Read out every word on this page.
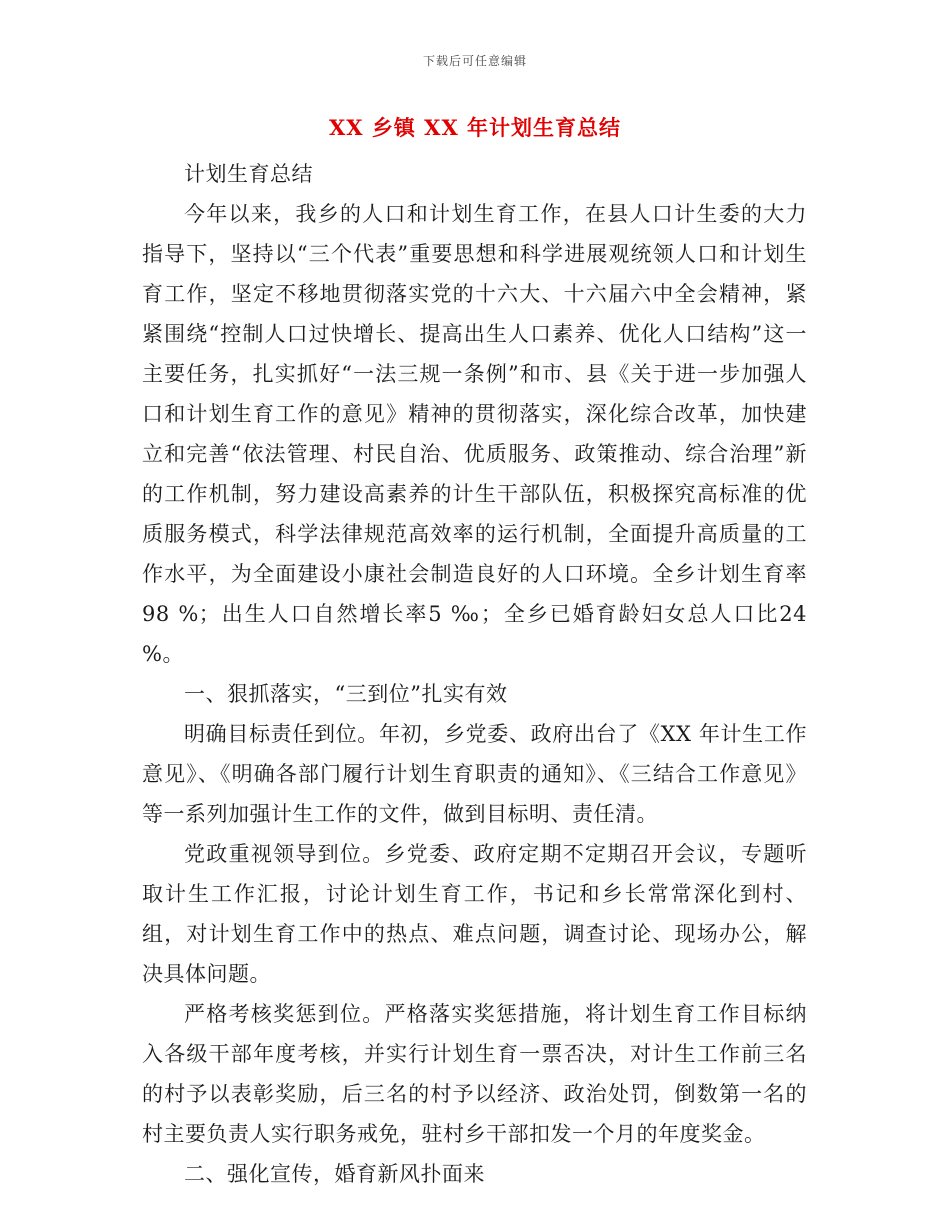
下载后可任意编辑
XX 乡镇 XX 年计划生育总结

计划生育总结

今年以来，我乡的人口和计划生育工作，在县人口计生委的大力指导下，坚持以“三个代表”重要思想和科学进展观统领人口和计划生育工作，坚定不移地贯彻落实党的十六大、十六届六中全会精神，紧紧围绕“控制人口过快增长、提高出生人口素养、优化人口结构”这一主要任务，扎实抓好“一法三规一条例”和市、县《关于进一步加强人口和计划生育工作的意见》精神的贯彻落实，深化综合改革，加快建立和完善“依法管理、村民自治、优质服务、政策推动、综合治理”新的工作机制，努力建设高素养的计生干部队伍，积极探究高标准的优质服务模式，科学法律规范高效率的运行机制，全面提升高质量的工作水平，为全面建设小康社会制造良好的人口环境。全乡计划生育率98 %；出生人口自然增长率5 ‰；全乡已婚育龄妇女总人口比24　%。

一、狠抓落实，“三到位”扎实有效

明确目标责任到位。年初，乡党委、政府出台了《XX 年计生工作意见》、《明确各部门履行计划生育职责的通知》、《三结合工作意见》等一系列加强计生工作的文件，做到目标明、责任清。

党政重视领导到位。乡党委、政府定期不定期召开会议，专题听取计生工作汇报，讨论计划生育工作，书记和乡长常常深化到村、组，对计划生育工作中的热点、难点问题，调查讨论、现场办公，解决具体问题。

严格考核奖惩到位。严格落实奖惩措施，将计划生育工作目标纳入各级干部年度考核，并实行计划生育一票否决，对计生工作前三名的村予以表彰奖励，后三名的村予以经济、政治处罚，倒数第一名的村主要负责人实行职务戒免，驻村乡干部扣发一个月的年度奖金。

二、强化宣传，婚育新风扑面来
